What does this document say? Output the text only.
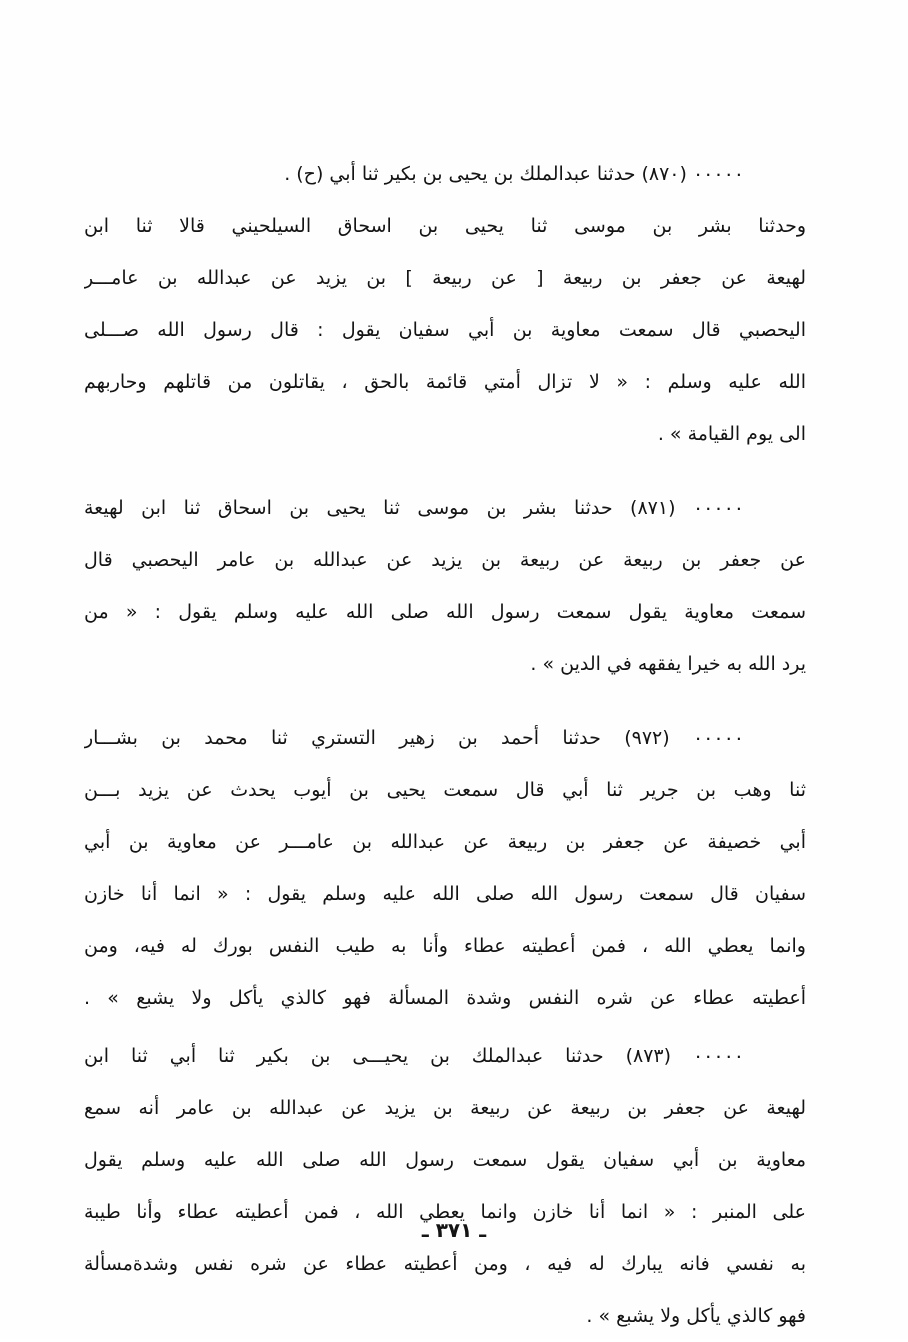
٠٠٠٠٠ (٨٧٠) حدثنا عبدالملك بن يحيى بن بكير ثنا أبي (ح) .
وحدثنا بشر بن موسى ثنا يحيى بن اسحاق السيلحيني قالا ثنا ابن
لهيعة عن جعفر بن ربيعة [ عن ربيعة ] بن يزيد عن عبدالله بن عامـــر
اليحصبي قال سمعت معاوية بن أبي سفيان يقول : قال رسول الله صـــلى
الله عليه وسلم : « لا تزال أمتي قائمة بالحق ، يقاتلون من قاتلهم وحاربهم
الى يوم القيامة » .
٠٠٠٠٠ (٨٧١) حدثنا بشر بن موسى ثنا يحيى بن اسحاق ثنا ابن لهيعة
عن جعفر بن ربيعة عن ربيعة بن يزيد عن عبدالله بن عامر اليحصبي قال
سمعت معاوية يقول سمعت رسول الله صلى الله عليه وسلم يقول : « من
يرد الله به خيرا يفقهه في الدين » .
٠٠٠٠٠ (٩٧٢) حدثنا أحمد بن زهير التستري ثنا محمد بن بشـــار
ثنا وهب بن جرير ثنا أبي قال سمعت يحيى بن أيوب يحدث عن يزيد بـــن
أبي خصيفة عن جعفر بن ربيعة عن عبدالله بن عامـــر عن معاوية بن أبي
سفيان قال سمعت رسول الله صلى الله عليه وسلم يقول : « انما أنا خازن
وانما يعطي الله ، فمن أعطيته عطاء وأنا به طيب النفس بورك له فيه، ومن
أعطيته عطاء عن شره النفس وشدة المسألة فهو كالذي يأكل ولا يشبع » .
٠٠٠٠٠ (٨٧٣) حدثنا عبدالملك بن يحيـــى بن بكير ثنا أبي ثنا ابن
لهيعة عن جعفر بن ربيعة عن ربيعة بن يزيد عن عبدالله بن عامر أنه سمع
معاوية بن أبي سفيان يقول سمعت رسول الله صلى الله عليه وسلم يقول
على المنبر : « انما أنا خازن وانما يعطي الله ، فمن أعطيته عطاء وأنا طيبة
به نفسي فانه يبارك له فيه ، ومن أعطيته عطاء عن شره نفس وشدةمسألة
فهو كالذي يأكل ولا يشبع » .
ـ ٣٧١ ـ
